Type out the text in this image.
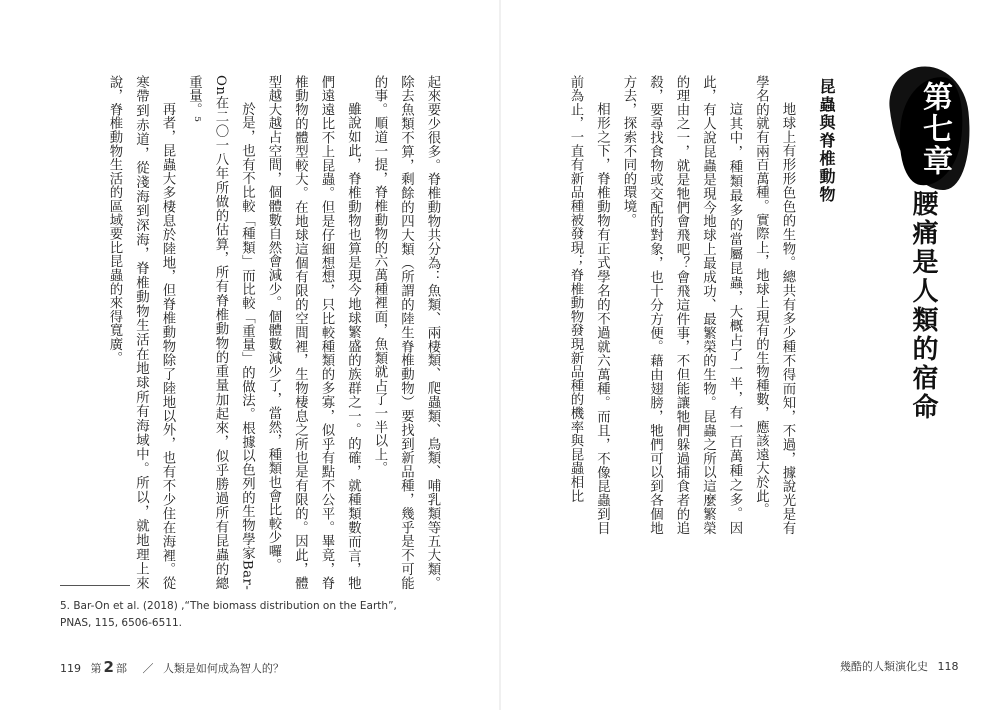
起來要少很多。脊椎動物共分為：魚類、兩棲類、爬蟲類、鳥類、哺乳類等五大類。除去魚類不算，剩餘的四大類（所謂的陸生脊椎動物）要找到新品種，幾乎是不可能的事。順道一提，脊椎動物的六萬種裡面，魚類就占了一半以上。

雖說如此，脊椎動物也算是現今地球繁盛的族群之一。的確，就種類數而言，牠們遠遠比不上昆蟲。但是仔細想想，只比較種類的多寡，似乎有點不公平。畢竟，脊椎動物的體型較大。在地球這個有限的空間裡，生物棲息之所也是有限的。因此，體型越大越占空間，個體數自然會減少。個體數減少了，當然，種類也會比較少囉。

於是，也有不比較「種類」而比較「重量」的做法。根據以色列的生物學家Bar-On在二〇一八年所做的估算，所有脊椎動物的重量加起來，似乎勝過所有昆蟲的總重量。⁵

再者，昆蟲大多棲息於陸地，但脊椎動物除了陸地以外，也有不少住在海裡。從寒帶到赤道，從淺海到深海，脊椎動物生活在地球所有海域中。所以，就地理上來說，脊椎動物生活的區域要比昆蟲的來得寬廣。

5. Bar-On et al. (2018) ,“The biomass distribution on the Earth”, PNAS, 115, 6506-6511.
119 第 2 部 ／ 人類是如何成為智人的？
第七章
腰痛是人類的宿命
昆蟲與脊椎動物

地球上有形形色色的生物。總共有多少種不得而知，不過，據說光是有學名的就有兩百萬種。實際上，地球上現有的生物種數，應該遠大於此。

這其中，種類最多的當屬昆蟲，大概占了一半，有一百萬種之多。因此，有人說昆蟲是現今地球上最成功、最繁榮的生物。昆蟲之所以這麼繁榮的理由之一，就是牠們會飛吧？會飛這件事，不但能讓牠們躲過捕食者的追殺，要尋找食物或交配的對象，也十分方便。藉由翅膀，牠們可以到各個地方去，探索不同的環境。

相形之下，脊椎動物有正式學名的不過就六萬種。而且，不像昆蟲到目前為止，一直有新品種被發現；脊椎動物發現新品種的機率與昆蟲相比

幾酷的人類演化史 118
